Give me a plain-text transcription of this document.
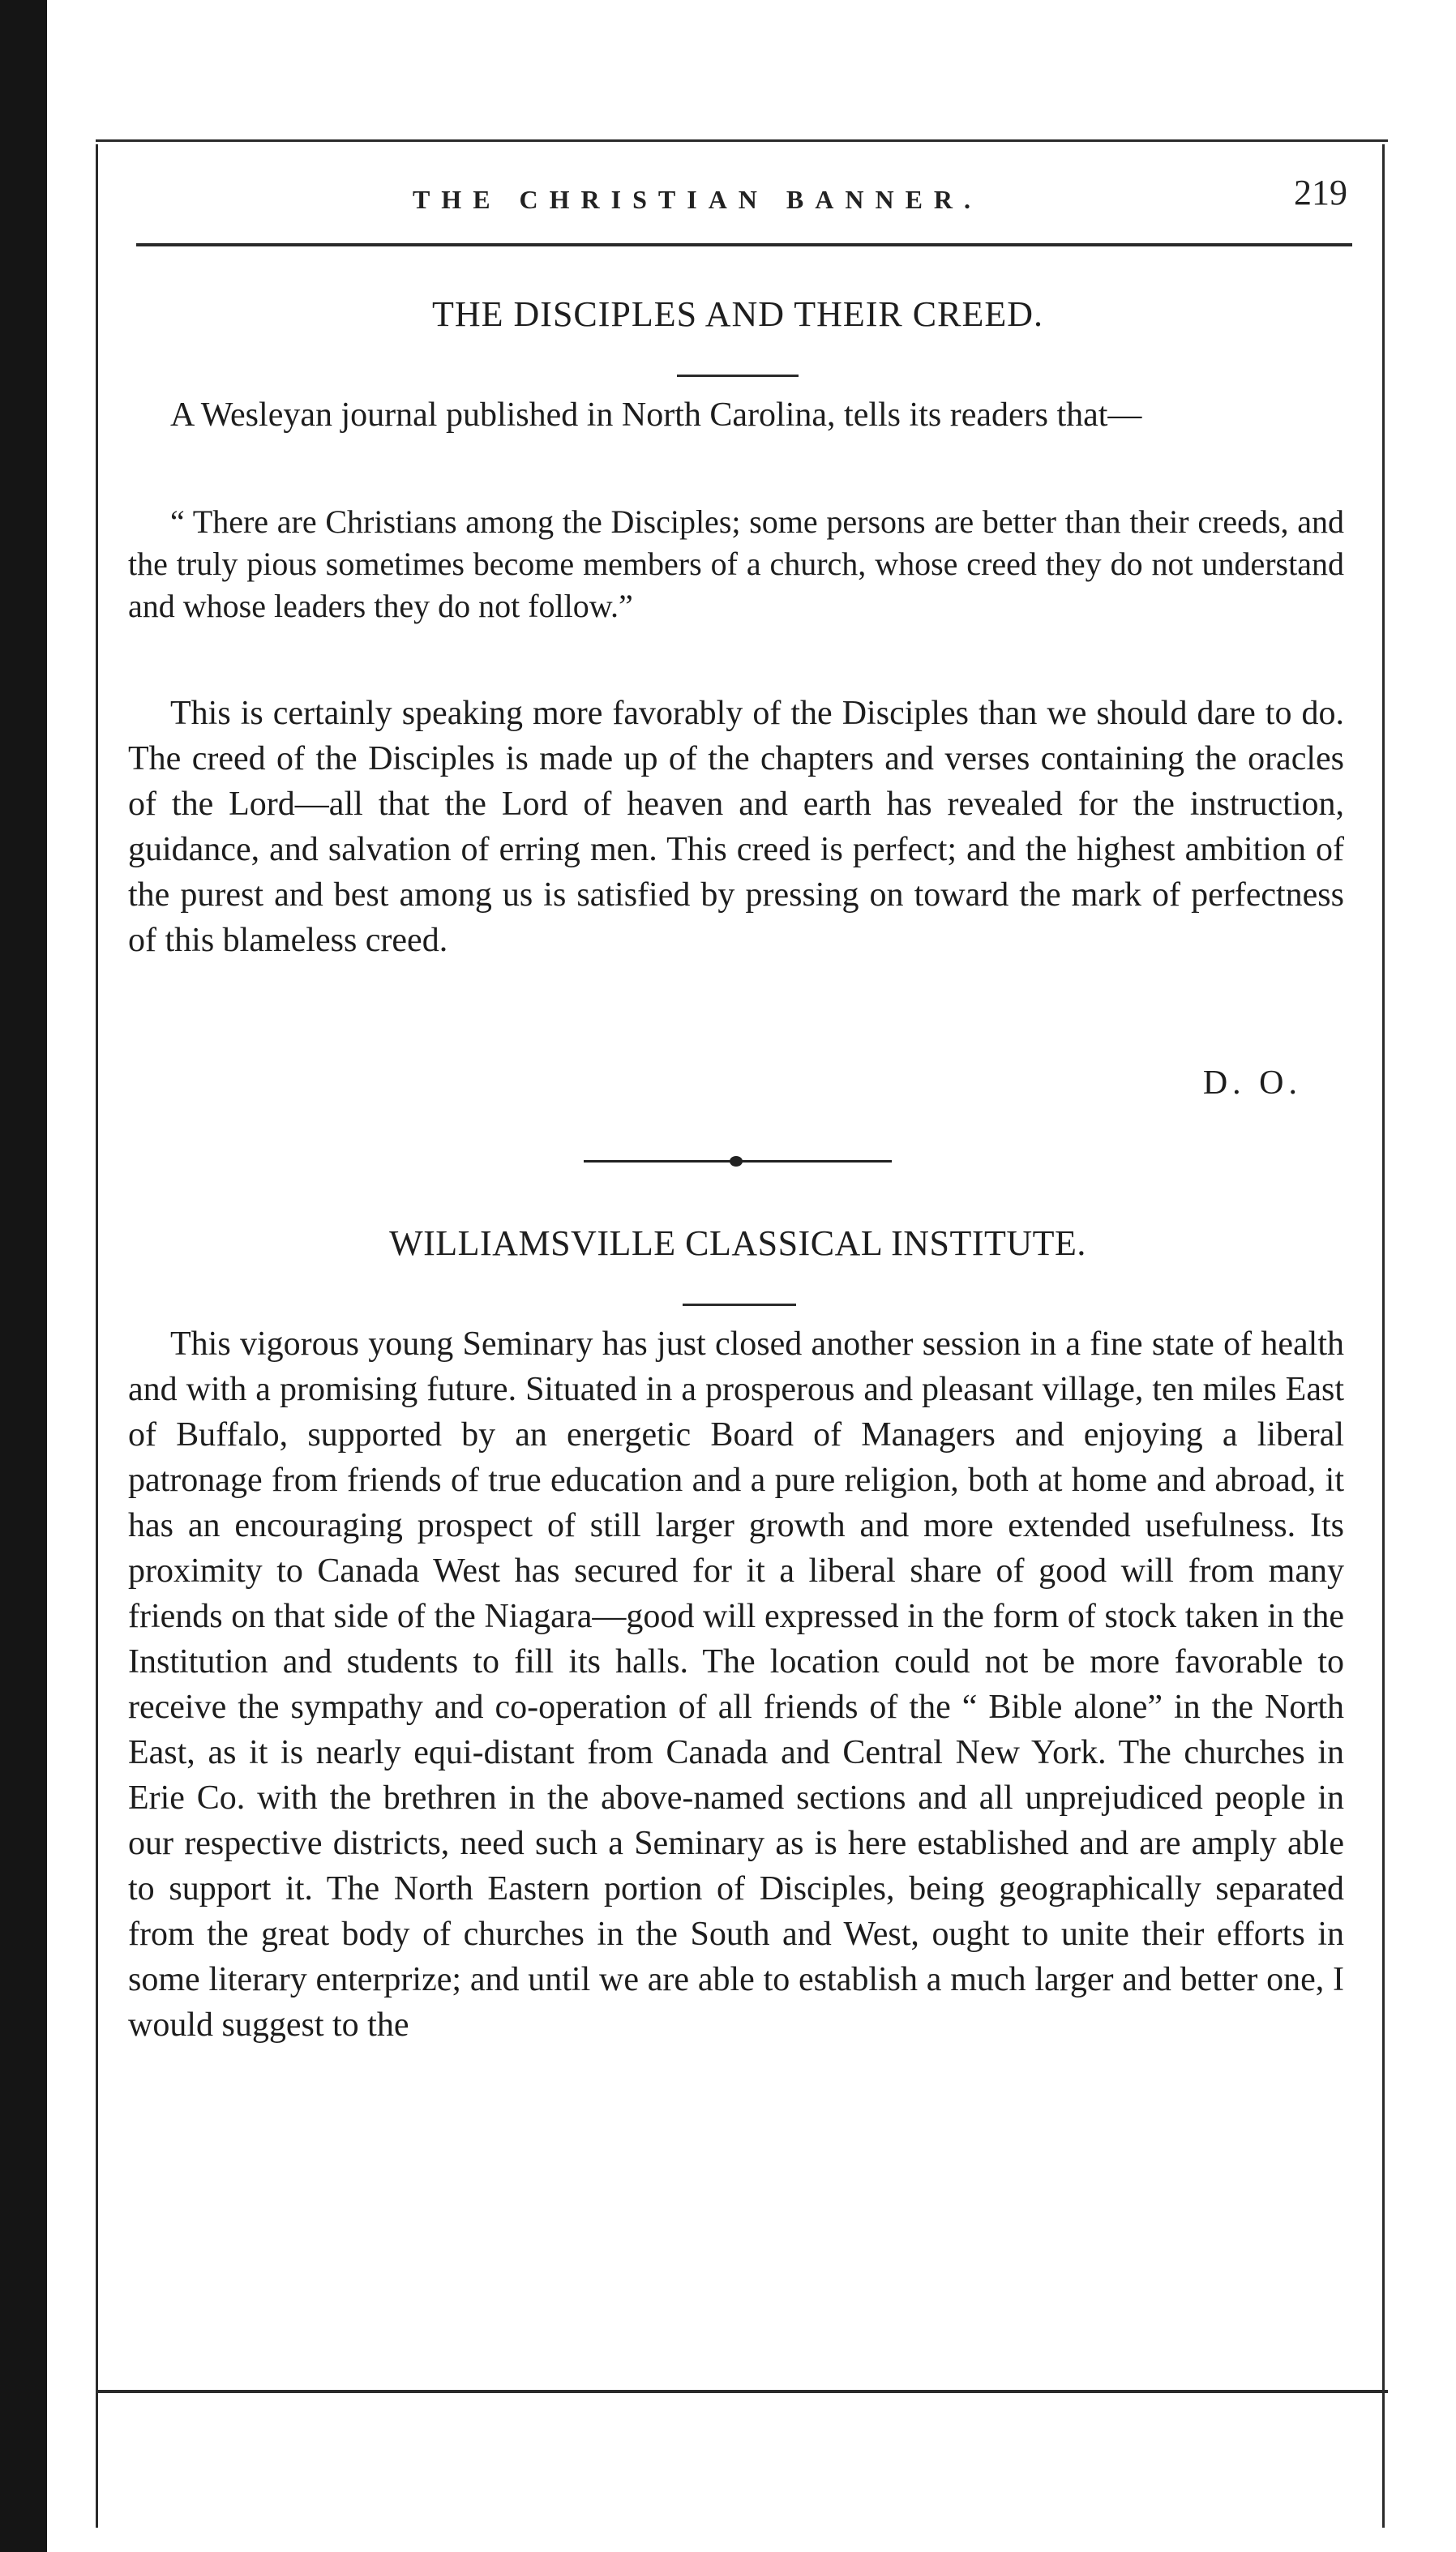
THE CHRISTIAN BANNER.	219
THE DISCIPLES AND THEIR CREED.
A Wesleyan journal published in North Carolina, tells its readers that—
“ There are Christians among the Disciples; some persons are better than their creeds, and the truly pious sometimes become members of a church, whose creed they do not understand and whose leaders they do not follow.”
This is certainly speaking more favorably of the Disciples than we should dare to do. The creed of the Disciples is made up of the chapters and verses containing the oracles of the Lord—all that the Lord of heaven and earth has revealed for the instruction, guidance, and salvation of erring men. This creed is perfect; and the highest ambition of the purest and best among us is satisfied by pressing on toward the mark of perfectness of this blameless creed.
D. O.
WILLIAMSVILLE CLASSICAL INSTITUTE.
This vigorous young Seminary has just closed another session in a fine state of health and with a promising future. Situated in a prosperous and pleasant village, ten miles East of Buffalo, supported by an energetic Board of Managers and enjoying a liberal patronage from friends of true education and a pure religion, both at home and abroad, it has an encouraging prospect of still larger growth and more extended usefulness. Its proximity to Canada West has secured for it a liberal share of good will from many friends on that side of the Niagara—good will expressed in the form of stock taken in the Institution and students to fill its halls. The location could not be more favorable to receive the sympathy and co-operation of all friends of the “ Bible alone” in the North East, as it is nearly equi-distant from Canada and Central New York. The churches in Erie Co. with the brethren in the above-named sections and all unprejudiced people in our respective districts, need such a Seminary as is here established and are amply able to support it. The North Eastern portion of Disciples, being geographically separated from the great body of churches in the South and West, ought to unite their efforts in some literary enterprize; and until we are able to establish a much larger and better one, I would suggest to the
